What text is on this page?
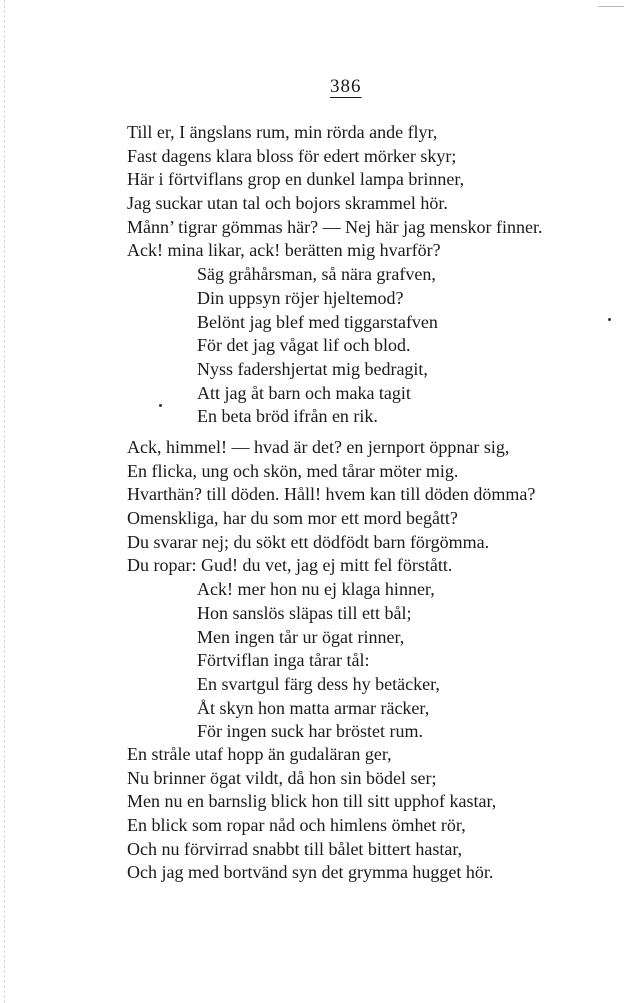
386
Till er, I ängslans rum, min rörda ande flyr,
Fast dagens klara bloss för edert mörker skyr;
Här i förtviflans grop en dunkel lampa brinner,
Jag suckar utan tal och bojors skrammel hör.
Månn’ tigrar gömmas här? — Nej här jag menskor finner.
Ack! mina likar, ack! berätten mig hvarför?
Säg gråhårsman, så nära grafven,
Din uppsyn röjer hjeltemod?
Belönt jag blef med tiggarstafven
För det jag vågat lif och blod.
Nyss fadershjertat mig bedragit,
Att jag åt barn och maka tagit
En beta bröd ifrån en rik.
Ack, himmel! — hvad är det? en jernport öppnar sig,
En flicka, ung och skön, med tårar möter mig.
Hvarthän? till döden. Håll! hvem kan till döden dömma?
Omenskliga, har du som mor ett mord begått?
Du svarar nej; du sökt ett dödfödt barn förgömma.
Du ropar: Gud! du vet, jag ej mitt fel förstått.
Ack! mer hon nu ej klaga hinner,
Hon sanslös släpas till ett bål;
Men ingen tår ur ögat rinner,
Förtviflan inga tårar tål:
En svartgul färg dess hy betäcker,
Åt skyn hon matta armar räcker,
För ingen suck har bröstet rum.
En stråle utaf hopp än gudaläran ger,
Nu brinner ögat vildt, då hon sin bödel ser;
Men nu en barnslig blick hon till sitt upphof kastar,
En blick som ropar nåd och himlens ömhet rör,
Och nu förvirrad snabbt till bålet bittert hastar,
Och jag med bortvänd syn det grymma hugget hör.
